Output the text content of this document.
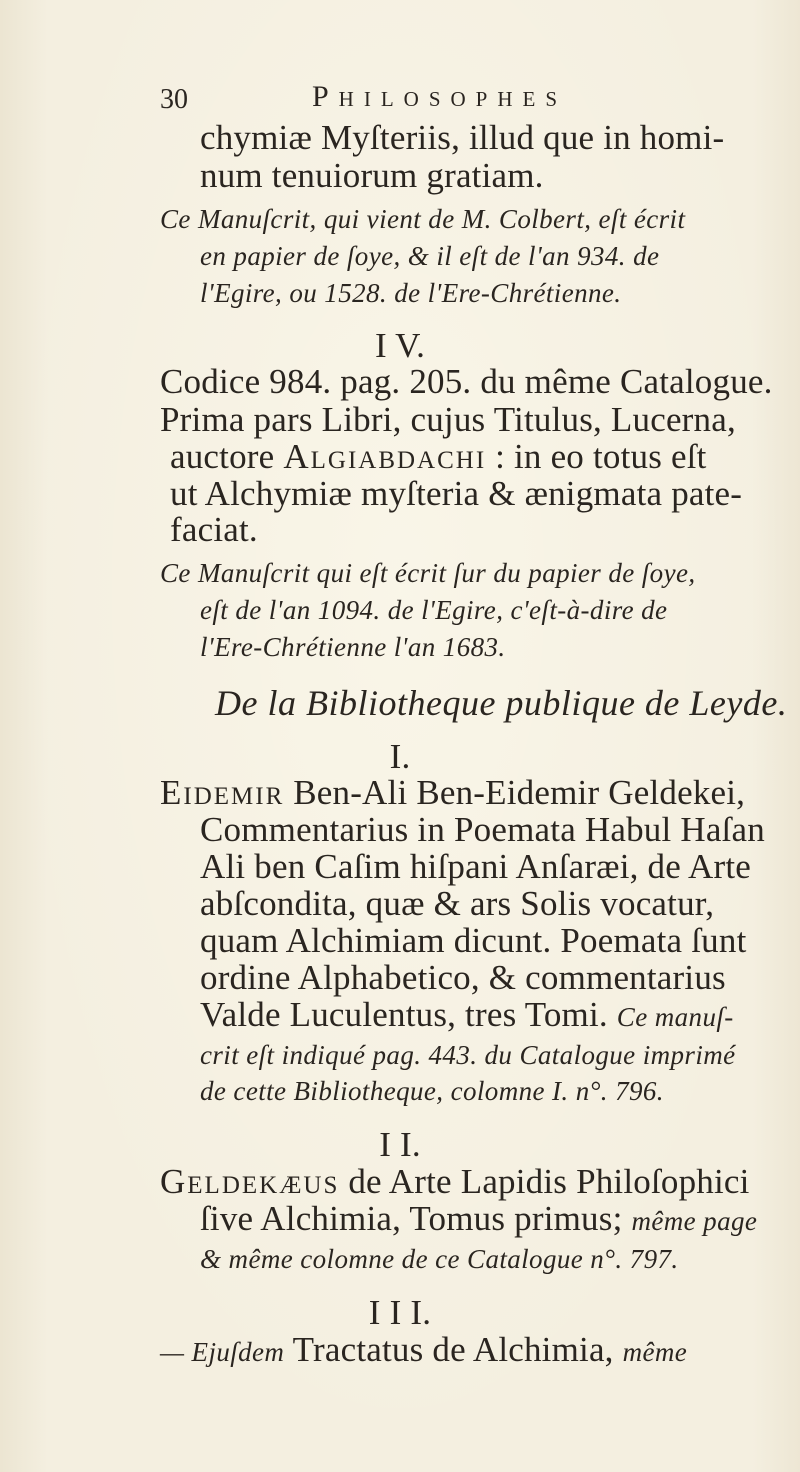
30	Philosophes
chymiæ Myſteriis, illud que in homi-
num tenuiorum gratiam.
Ce Manuſcrit, qui vient de M. Colbert, eſt écrit
en papier de ſoye, & il eſt de l'an 934. de
l'Egire, ou 1528. de l'Ere-Chrétienne.
I V.
Codice 984. pag. 205. du même Catalogue.
Prima pars Libri, cujus Titulus, Lucerna,
auctore Algiabdachi : in eo totus eſt
ut Alchymiæ myſteria & ænigmata pate-
faciat.
Ce Manuſcrit qui eſt écrit ſur du papier de ſoye,
eſt de l'an 1094. de l'Egire, c'eſt-à-dire de
l'Ere-Chrétienne l'an 1683.
De la Bibliotheque publique de Leyde.
I.
Eidemir Ben-Ali Ben-Eidemir Geldekei,
Commentarius in Poemata Habul Haſan
Ali ben Caſim hiſpani Anſaræi, de Arte
abſcondita, quæ & ars Solis vocatur,
quam Alchimiam dicunt. Poemata ſunt
ordine Alphabetico, & commentarius
Valde Luculentus, tres Tomi. Ce manuſ-
crit eſt indiqué pag. 443. du Catalogue imprimé
de cette Bibliotheque, colomne I. n°. 796.
I I.
Geldekæus de Arte Lapidis Philoſophici
ſive Alchimia, Tomus primus; même page
& même colomne de ce Catalogue n°. 797.
I I I.
— Ejuſdem Tractatus de Alchimia, même
